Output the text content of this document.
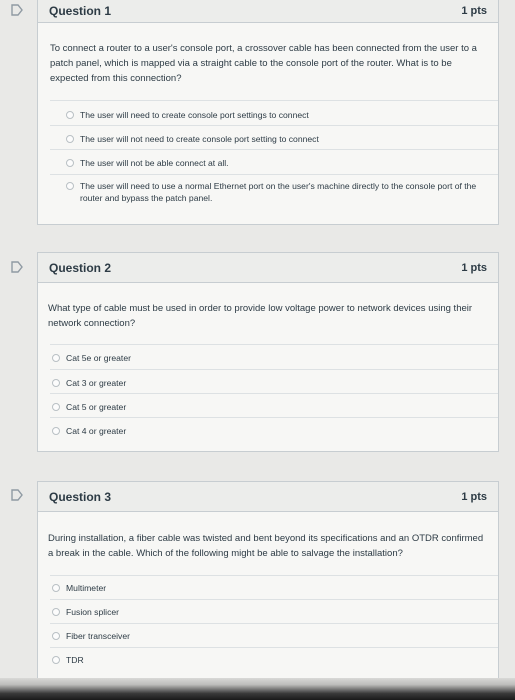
Question 1	1 pts
To connect a router to a user's console port, a crossover cable has been connected from the user to a patch panel, which is mapped via a straight cable to the console port of the router. What is to be expected from this connection?
The user will need to create console port settings to connect
The user will not need to create console port setting to connect
The user will not be able connect at all.
The user will need to use a normal Ethernet port on the user's machine directly to the console port of the router and bypass the patch panel.
Question 2	1 pts
What type of cable must be used in order to provide low voltage power to network devices using their network connection?
Cat 5e or greater
Cat 3 or greater
Cat 5 or greater
Cat 4 or greater
Question 3	1 pts
During installation, a fiber cable was twisted and bent beyond its specifications and an OTDR confirmed a break in the cable. Which of the following might be able to salvage the installation?
Multimeter
Fusion splicer
Fiber transceiver
TDR
